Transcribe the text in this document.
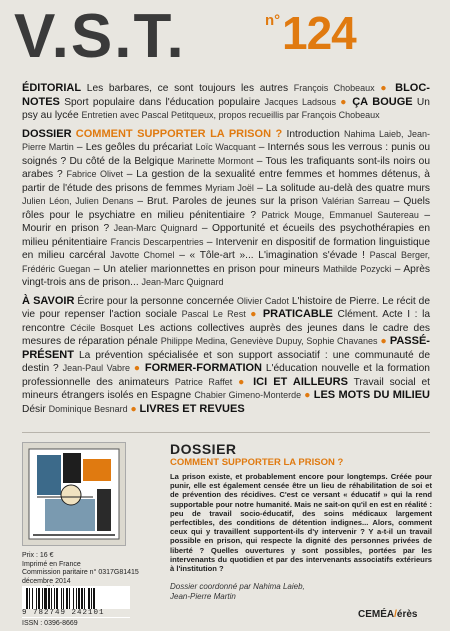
V.S.T.	n° 124

ÉDITORIAL Les barbares, ce sont toujours les autres François Chobeaux ● BLOC-NOTES Sport populaire dans l'éducation populaire Jacques Ladsous ● ÇA BOUGE Un psy au lycée Entretien avec Pascal Petitqueux, propos recueillis par François Chobeaux

DOSSIER COMMENT SUPPORTER LA PRISON ? Introduction Nahima Laieb, Jean-Pierre Martin – Les geôles du précariat Loïc Wacquant – Internés sous les verrous : punis ou soignés ? Du côté de la Belgique Marinette Mormont – Tous les trafiquants sont-ils noirs ou arabes ? Fabrice Olivet – La gestion de la sexualité entre femmes et hommes détenus, à partir de l'étude des prisons de femmes Myriam Joël – La solitude au-delà des quatre murs Julien Léon, Julien Denans – Brut. Paroles de jeunes sur la prison Valérian Sarreau – Quels rôles pour le psychiatre en milieu pénitentiaire ? Patrick Mouge, Emmanuel Sautereau – Mourir en prison ? Jean-Marc Quignard – Opportunité et écueils des psychothérapies en milieu pénitentiaire Francis Descarpentries – Intervenir en dispositif de formation linguistique en milieu carcéral Javotte Chomel – « Tôle-art »... L'imagination s'évade ! Pascal Berger, Frédéric Guegan – Un atelier marionnettes en prison pour mineurs Mathilde Pozycki – Après vingt-trois ans de prison... Jean-Marc Quignard

À SAVOIR Écrire pour la personne concernée Olivier Cadot L'histoire de Pierre. Le récit de vie pour repenser l'action sociale Pascal Le Rest ● PRATICABLE Clément. Acte I : la rencontre Cécile Bosquet Les actions collectives auprès des jeunes dans le cadre des mesures de réparation pénale Philippe Medina, Geneviève Dupuy, Sophie Chavanes ● PASSÉ-PRÉSENT La prévention spécialisée et son support associatif : une communauté de destin ? Jean-Paul Vabre ● FORMER-FORMATION L'éducation nouvelle et la formation professionnelle des animateurs Patrice Raffet ● ICI ET AILLEURS Travail social et mineurs étrangers isolés en Espagne Chabier Gimeno-Monterde ● LES MOTS DU MILIEU Désir Dominique Besnard ● LIVRES ET REVUES

Prix : 16 €
Imprimé en France
Commission paritaire n° 0317G81415
décembre 2014
9 782749 242101
ISSN : 0396-8669
DOSSIER
COMMENT SUPPORTER LA PRISON ?

La prison existe, et probablement encore pour longtemps. Créée pour punir, elle est également censée être un lieu de réhabilitation de soi et de prévention des récidives. C'est ce versant « éducatif » qui la rend supportable pour notre humanité. Mais ne sait-on qu'il en est en réalité : peu de travail socio-éducatif, des soins médicaux largement perfectibles, des conditions de détention indignes... Alors, comment ceux qui y travaillent supportent-ils d'y intervenir ? Y a-t-il un travail possible en prison, qui respecte la dignité des personnes privées de liberté ? Quelles ouvertures y sont possibles, portées par les intervenants du quotidien et par des intervenants associatifs extérieurs à l'institution ?

Dossier coordonné par Nahima Laieb,
Jean-Pierre Martin
CEMÉA/érès
